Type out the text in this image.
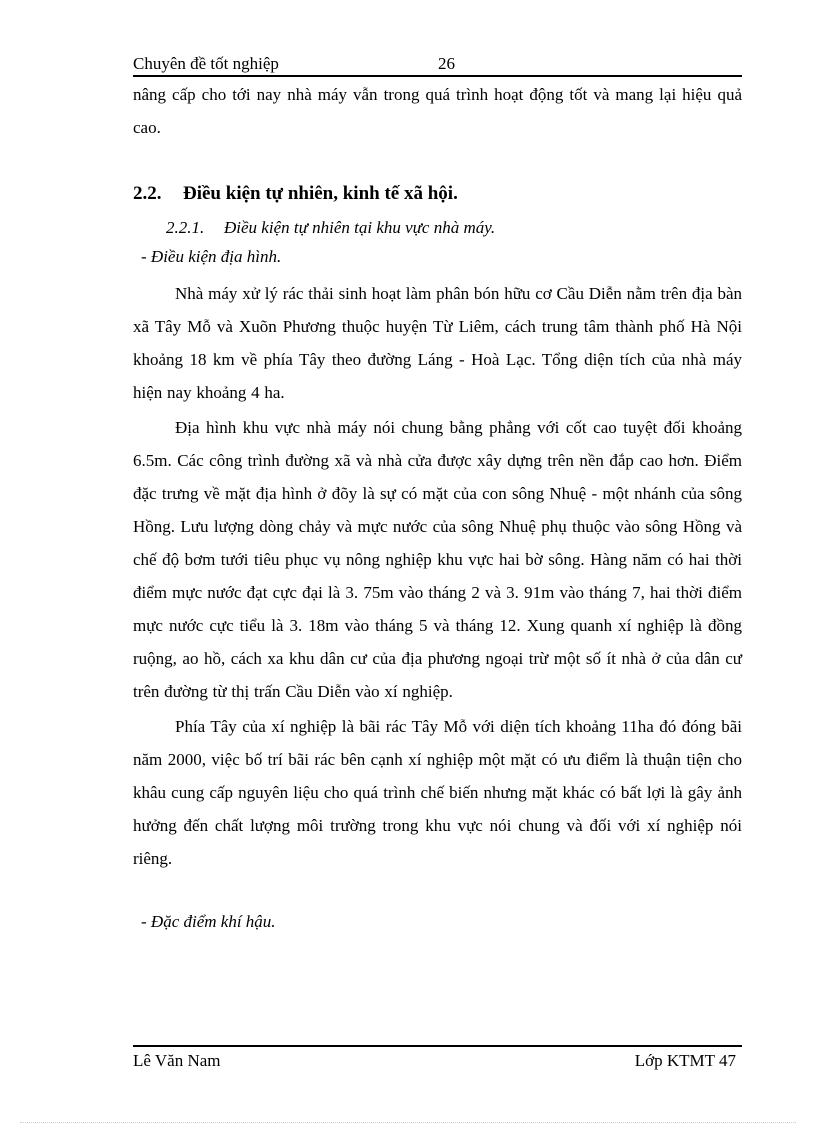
Chuyên đề tốt nghiệp	26

nâng cấp cho tới nay nhà máy vẫn trong quá trình hoạt động tốt và mang lại hiệu quả cao.

2.2. Điều kiện tự nhiên, kinh tế xã hội.
2.2.1. Điều kiện tự nhiên tại khu vực nhà máy.
- Điều kiện địa hình.

Nhà máy xử lý rác thải sinh hoạt làm phân bón hữu cơ Cầu Diễn nằm trên địa bàn xã Tây Mỗ và Xuõn Phương thuộc huyện Từ Liêm, cách trung tâm thành phố Hà Nội khoảng 18 km về phía Tây theo đường Láng - Hoà Lạc. Tổng diện tích của nhà máy hiện nay khoảng 4 ha.

Địa hình khu vực nhà máy nói chung bằng phẳng với cốt cao tuyệt đối khoảng 6.5m. Các công trình đường xã và nhà cửa được xây dựng trên nền đắp cao hơn. Điểm đặc trưng về mặt địa hình ở đõy là sự có mặt của con sông Nhuệ - một nhánh của sông Hồng. Lưu lượng dòng chảy và mực nước của sông Nhuệ phụ thuộc vào sông Hồng và chế độ bơm tưới tiêu phục vụ nông nghiệp khu vực hai bờ sông. Hàng năm có hai thời điểm mực nước đạt cực đại là 3. 75m vào tháng 2 và 3. 91m vào tháng 7, hai thời điểm mực nước cực tiểu là 3. 18m vào tháng 5 và tháng 12. Xung quanh xí nghiệp là đồng ruộng, ao hồ, cách xa khu dân cư của địa phương ngoại trừ một số ít nhà ở của dân cư trên đường từ thị trấn Cầu Diễn vào xí nghiệp.

Phía Tây của xí nghiệp là bãi rác Tây Mỗ với diện tích khoảng 11ha đó đóng bãi năm 2000, việc bố trí bãi rác bên cạnh xí nghiệp một mặt có ưu điểm là thuận tiện cho khâu cung cấp nguyên liệu cho quá trình chế biến nhưng mặt khác có bất lợi là gây ảnh hưởng đến chất lượng môi trường trong khu vực nói chung và đối với xí nghiệp nói riêng.

- Đặc điểm khí hậu.
Lê Văn Nam	Lớp KTMT 47
